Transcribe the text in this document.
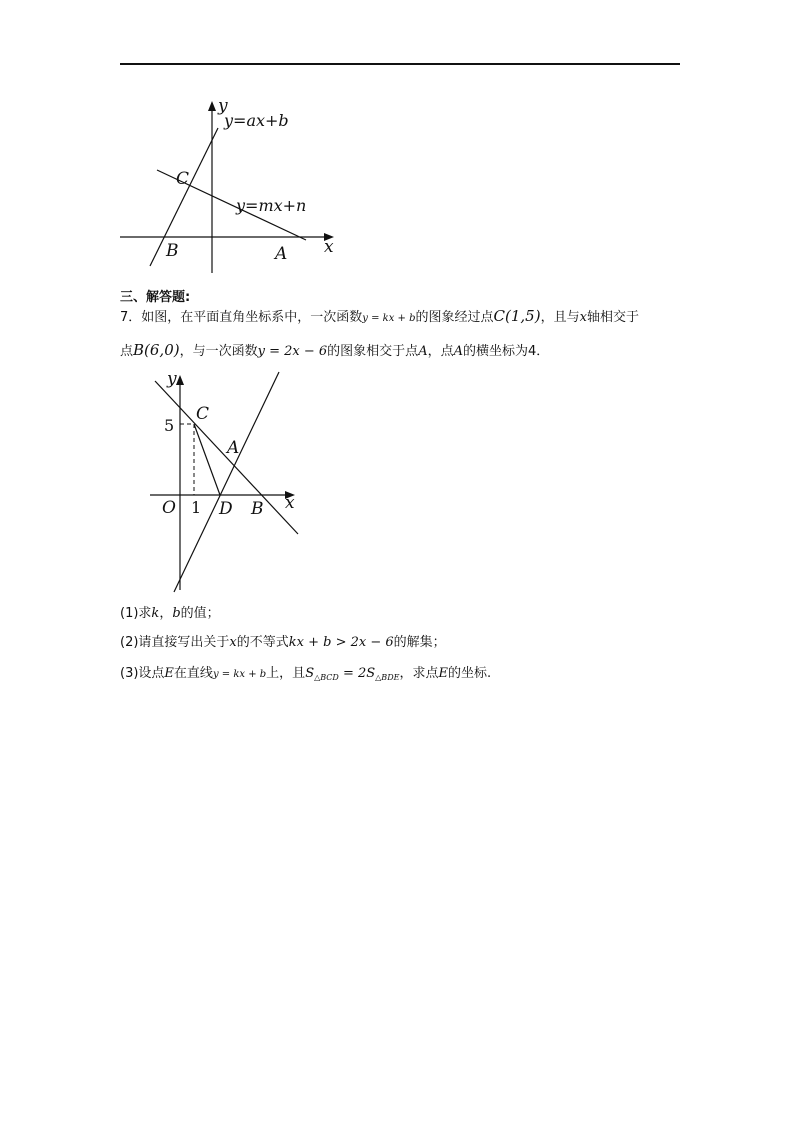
y
y=ax+b
y=mx+n
C
B	A x
三、解答题:
7．如图，在平面直角坐标系中，一次函数y = kx + b的图象经过点C(1,5)，且与x轴相交于
点B(6,0)，与一次函数y = 2x − 6的图象相交于点A，点A的横坐标为4．
y
5
C
A
O 1 D B x
(1)求k，b的值；
(2)请直接写出关于x的不等式kx + b > 2x − 6的解集；
(3)设点E在直线y = kx + b上，且$S_{\triangle BCD} = 2S_{\triangle BDE}$，求点E的坐标.
